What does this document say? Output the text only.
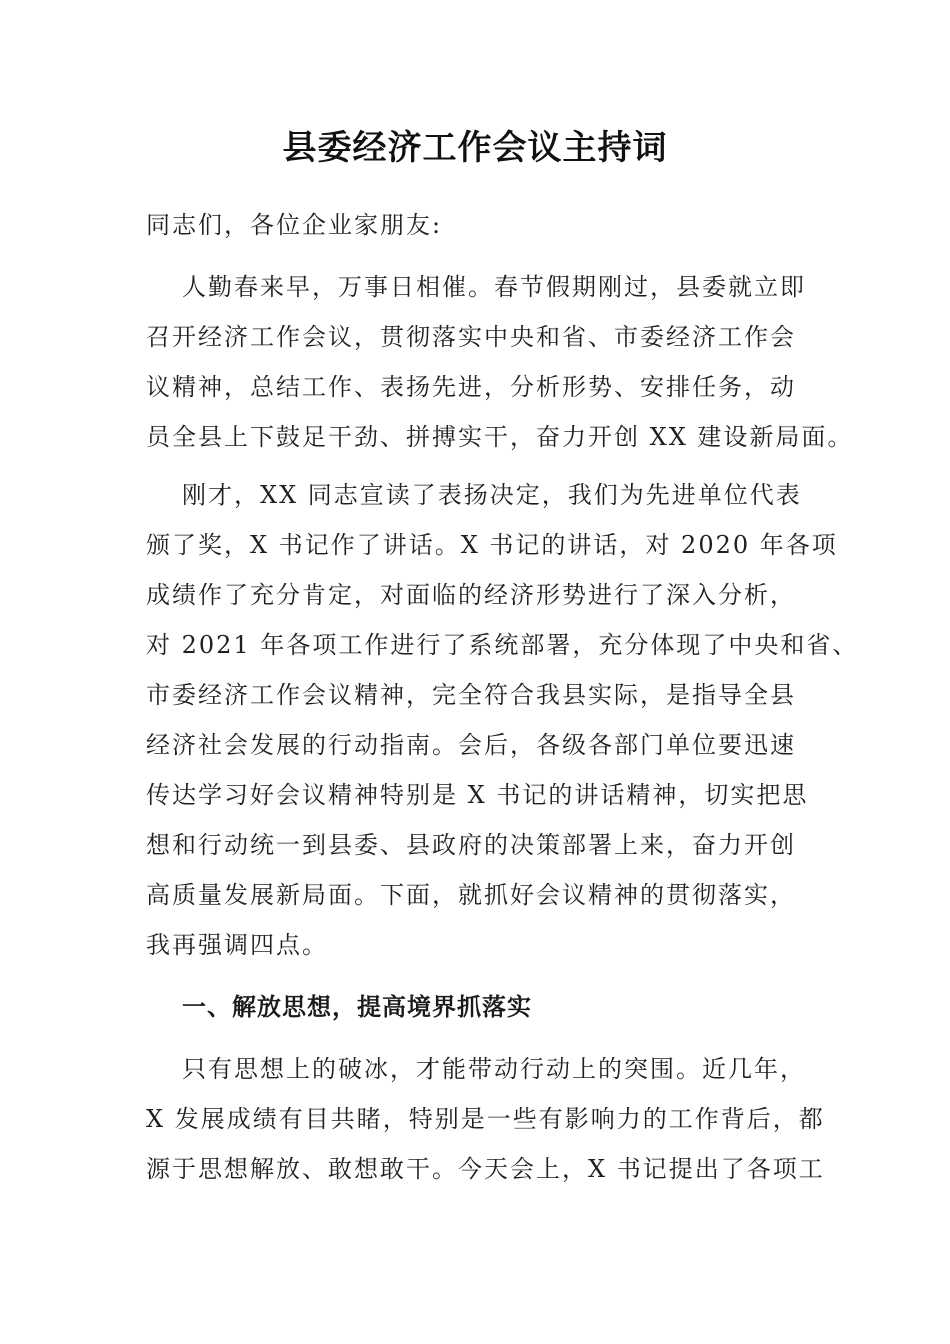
县委经济工作会议主持词

同志们，各位企业家朋友:

人勤春来早，万事日相催。春节假期刚过，县委就立即
召开经济工作会议，贯彻落实中央和省、市委经济工作会
议精神，总结工作、表扬先进，分析形势、安排任务，动
员全县上下鼓足干劲、拼搏实干，奋力开创 XX 建设新局面。
刚才，XX 同志宣读了表扬决定，我们为先进单位代表
颁了奖，X 书记作了讲话。X 书记的讲话，对 2020 年各项
成绩作了充分肯定，对面临的经济形势进行了深入分析，
对 2021 年各项工作进行了系统部署，充分体现了中央和省、
市委经济工作会议精神，完全符合我县实际，是指导全县
经济社会发展的行动指南。会后，各级各部门单位要迅速
传达学习好会议精神特别是 X 书记的讲话精神，切实把思
想和行动统一到县委、县政府的决策部署上来，奋力开创
高质量发展新局面。下面，就抓好会议精神的贯彻落实，
我再强调四点。
一、解放思想，提高境界抓落实
只有思想上的破冰，才能带动行动上的突围。近几年，
X 发展成绩有目共睹，特别是一些有影响力的工作背后，都
源于思想解放、敢想敢干。今天会上，X 书记提出了各项工
